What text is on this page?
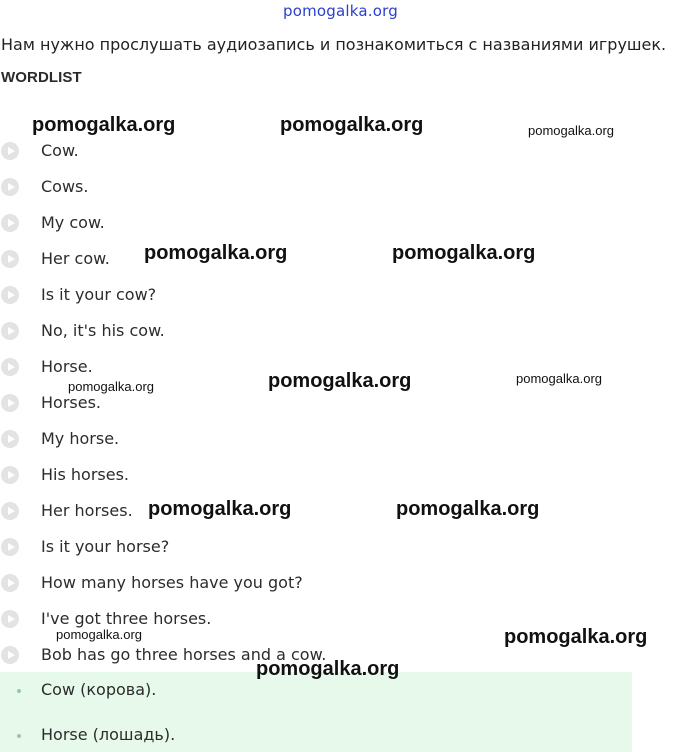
pomogalka.org
Нам нужно прослушать аудиозапись и познакомиться с названиями игрушек.
WORDLIST
Cow.
Cows.
My cow.
Her cow.
Is it your cow?
No, it's his cow.
Horse.
Horses.
My horse.
His horses.
Her horses.
Is it your horse?
How many horses have you got?
I've got three horses.
Bob has go three horses and a cow.
Cow (корова).
Horse (лошадь).
pomogalka.org	pomogalka.org	pomogalka.org
pomogalka.org	pomogalka.org
pomogalka.org	pomogalka.org	pomogalka.org
pomogalka.org	pomogalka.org
pomogalka.org	pomogalka.org
pomogalka.org
